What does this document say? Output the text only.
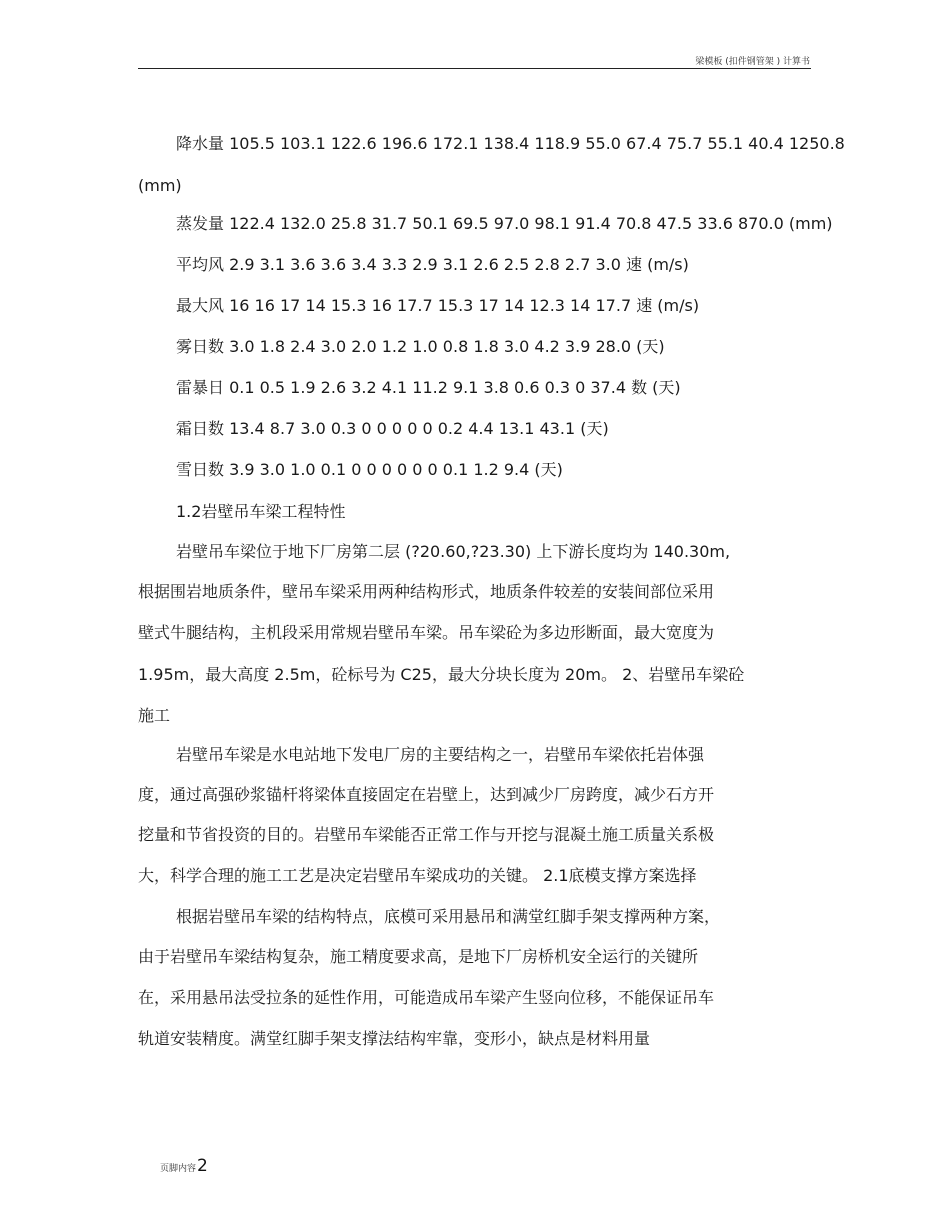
梁模板 (扣件钢管架 ) 计算书
降水量 105.5 103.1 122.6 196.6 172.1 138.4 118.9 55.0 67.4 75.7 55.1 40.4 1250.8
(mm)
蒸发量 122.4 132.0 25.8 31.7 50.1 69.5 97.0 98.1 91.4 70.8 47.5 33.6 870.0 (mm)
平均风 2.9 3.1 3.6 3.6 3.4 3.3 2.9 3.1 2.6 2.5 2.8 2.7 3.0 速 (m/s)
最大风 16 16 17 14 15.3 16 17.7 15.3 17 14 12.3 14 17.7 速 (m/s)
雾日数 3.0 1.8 2.4 3.0 2.0 1.2 1.0 0.8 1.8 3.0 4.2 3.9 28.0 (天)
雷暴日 0.1 0.5 1.9 2.6 3.2 4.1 11.2 9.1 3.8 0.6 0.3 0 37.4 数 (天)
霜日数 13.4 8.7 3.0 0.3 0 0 0 0 0 0.2 4.4 13.1 43.1 (天)
雪日数 3.9 3.0 1.0 0.1 0 0 0 0 0 0 0.1 1.2 9.4 (天)
1.2岩壁吊车梁工程特性
岩壁吊车梁位于地下厂房第二层 (?20.60,?23.30) 上下游长度均为 140.30m,
根据围岩地质条件，壁吊车梁采用两种结构形式，地质条件较差的安装间部位采用
壁式牛腿结构，主机段采用常规岩壁吊车梁。吊车梁砼为多边形断面，最大宽度为
1.95m，最大高度 2.5m，砼标号为 C25，最大分块长度为 20m。 2、岩壁吊车梁砼
施工
岩壁吊车梁是水电站地下发电厂房的主要结构之一，岩壁吊车梁依托岩体强
度，通过高强砂浆锚杆将梁体直接固定在岩壁上，达到减少厂房跨度，减少石方开
挖量和节省投资的目的。岩壁吊车梁能否正常工作与开挖与混凝土施工质量关系极
大，科学合理的施工工艺是决定岩壁吊车梁成功的关键。 2.1底模支撑方案选择
根据岩壁吊车梁的结构特点，底模可采用悬吊和满堂红脚手架支撑两种方案，
由于岩壁吊车梁结构复杂，施工精度要求高，是地下厂房桥机安全运行的关键所
在，采用悬吊法受拉条的延性作用，可能造成吊车梁产生竖向位移，不能保证吊车
轨道安装精度。满堂红脚手架支撑法结构牢靠，变形小，缺点是材料用量
页脚内容2
